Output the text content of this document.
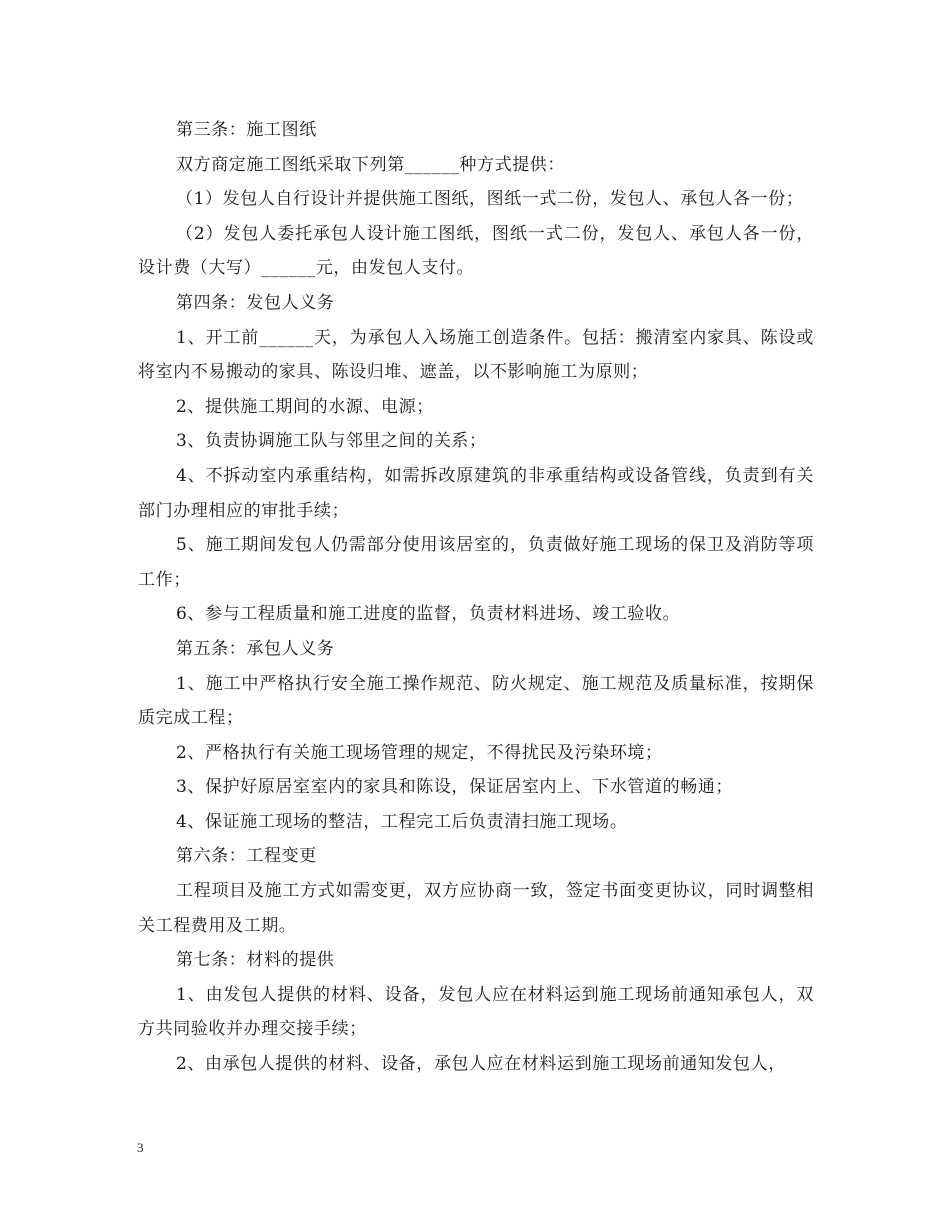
第三条：施工图纸

双方商定施工图纸采取下列第______种方式提供：

（1）发包人自行设计并提供施工图纸，图纸一式二份，发包人、承包人各一份；

（2）发包人委托承包人设计施工图纸，图纸一式二份，发包人、承包人各一份，设计费（大写）______元，由发包人支付。

第四条：发包人义务

1、开工前______天，为承包人入场施工创造条件。包括：搬清室内家具、陈设或将室内不易搬动的家具、陈设归堆、遮盖，以不影响施工为原则；

2、提供施工期间的水源、电源；

3、负责协调施工队与邻里之间的关系；

4、不拆动室内承重结构，如需拆改原建筑的非承重结构或设备管线，负责到有关部门办理相应的审批手续；

5、施工期间发包人仍需部分使用该居室的，负责做好施工现场的保卫及消防等项工作；

6、参与工程质量和施工进度的监督，负责材料进场、竣工验收。

第五条：承包人义务

1、施工中严格执行安全施工操作规范、防火规定、施工规范及质量标准，按期保质完成工程；

2、严格执行有关施工现场管理的规定，不得扰民及污染环境；

3、保护好原居室室内的家具和陈设，保证居室内上、下水管道的畅通；

4、保证施工现场的整洁，工程完工后负责清扫施工现场。

第六条：工程变更

工程项目及施工方式如需变更，双方应协商一致，签定书面变更协议，同时调整相关工程费用及工期。

第七条：材料的提供

1、由发包人提供的材料、设备，发包人应在材料运到施工现场前通知承包人，双方共同验收并办理交接手续；

2、由承包人提供的材料、设备，承包人应在材料运到施工现场前通知发包人，

3
